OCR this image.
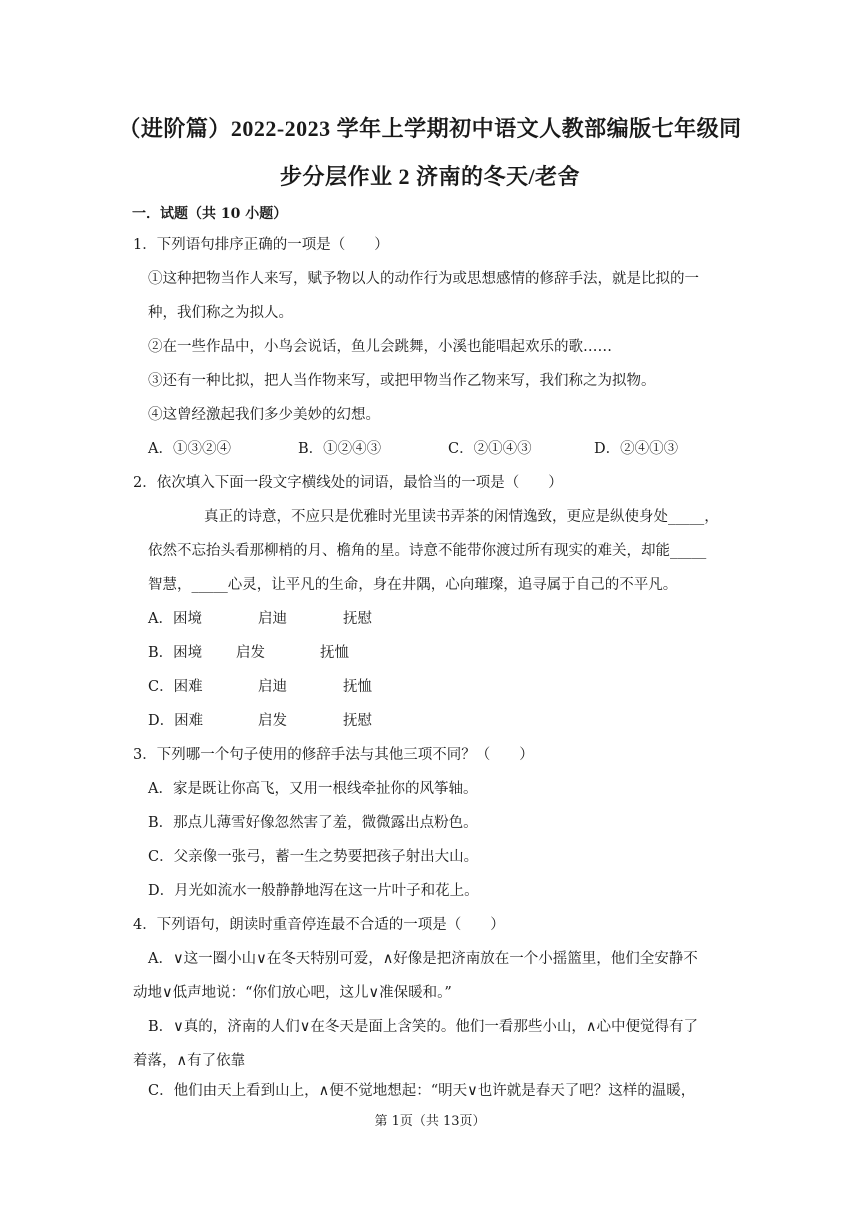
（进阶篇）2022-2023 学年上学期初中语文人教部编版七年级同
步分层作业 2 济南的冬天/老舍
一．试题（共 10 小题）
1．下列语句排序正确的一项是（　　）
①这种把物当作人来写，赋予物以人的动作行为或思想感情的修辞手法，就是比拟的一
种，我们称之为拟人。
②在一些作品中，小鸟会说话，鱼儿会跳舞，小溪也能唱起欢乐的歌……
③还有一种比拟，把人当作物来写，或把甲物当作乙物来写，我们称之为拟物。
④这曾经激起我们多少美妙的幻想。
A．①③②④	B．①②④③	C．②①④③	D．②④①③
2．依次填入下面一段文字横线处的词语，最恰当的一项是（　　）
真正的诗意，不应只是优雅时光里读书弄茶的闲情逸致，更应是纵使身处_____，
依然不忘抬头看那柳梢的月、檐角的星。诗意不能带你渡过所有现实的难关，却能_____
智慧，_____心灵，让平凡的生命，身在井隅，心向璀璨，追寻属于自己的不平凡。
A．困境	启迪	抚慰
B．困境 启发	抚恤
C．困难	启迪	抚恤
D．困难	启发	抚慰
3．下列哪一个句子使用的修辞手法与其他三项不同？（　　）
A．家是既让你高飞，又用一根线牵扯你的风筝轴。
B．那点儿薄雪好像忽然害了羞，微微露出点粉色。
C．父亲像一张弓，蓄一生之势要把孩子射出大山。
D．月光如流水一般静静地泻在这一片叶子和花上。
4．下列语句，朗读时重音停连最不合适的一项是（　　）
A．∨这一圈小山∨在冬天特别可爱，∧好像是把济南放在一个小摇篮里，他们全安静不
动地∨低声地说：“你们放心吧，这儿∨准保暖和。”
B．∨真的，济南的人们∨在冬天是面上含笑的。他们一看那些小山，∧心中便觉得有了
着落，∧有了依靠
C．他们由天上看到山上，∧便不觉地想起：“明天∨也许就是春天了吧？这样的温暖，
第 1页（共 13页）
